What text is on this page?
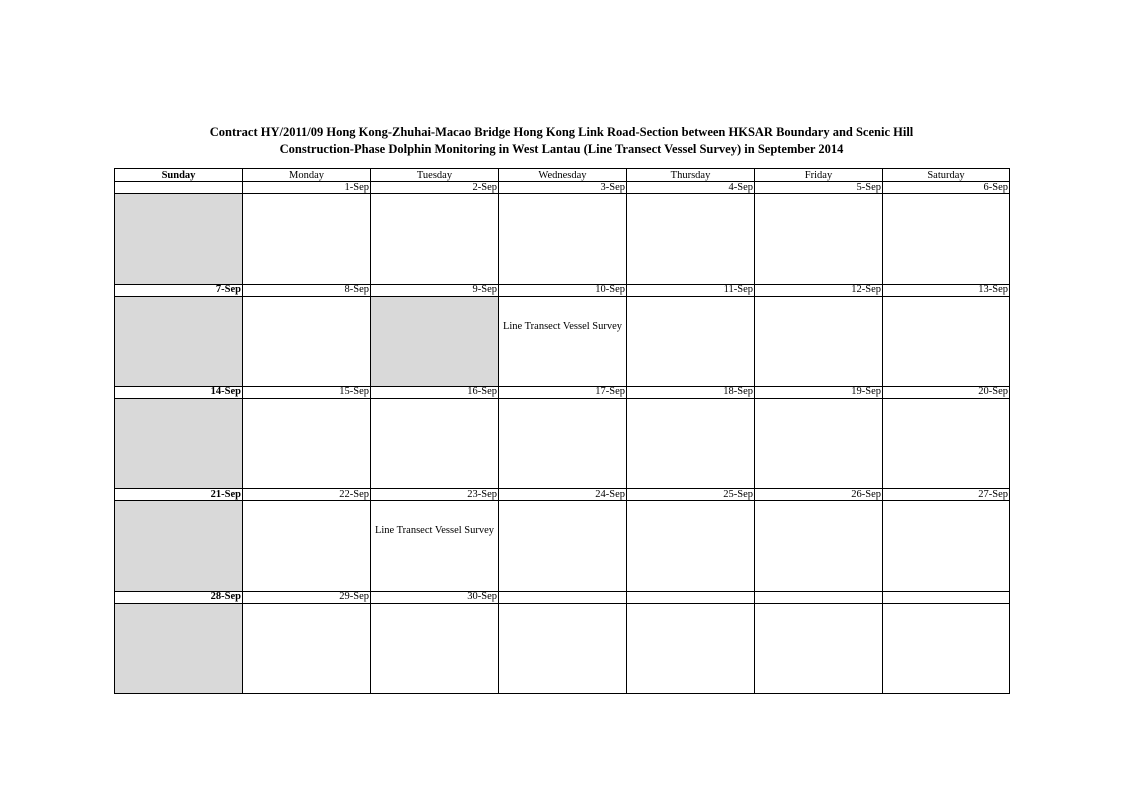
Contract HY/2011/09 Hong Kong-Zhuhai-Macao Bridge Hong Kong Link Road-Section between HKSAR Boundary and Scenic Hill
Construction-Phase Dolphin Monitoring in West Lantau (Line Transect Vessel Survey) in September 2014
Sunday	Monday	Tuesday	Wednesday	Thursday	Friday	Saturday
	1-Sep	2-Sep	3-Sep	4-Sep	5-Sep	6-Sep

7-Sep	8-Sep	9-Sep	10-Sep	11-Sep	12-Sep	13-Sep

			Line Transect Vessel Survey			

14-Sep	15-Sep	16-Sep	17-Sep	18-Sep	19-Sep	20-Sep

21-Sep	22-Sep	23-Sep	24-Sep	25-Sep	26-Sep	27-Sep

		Line Transect Vessel Survey				

28-Sep	29-Sep	30-Sep				
